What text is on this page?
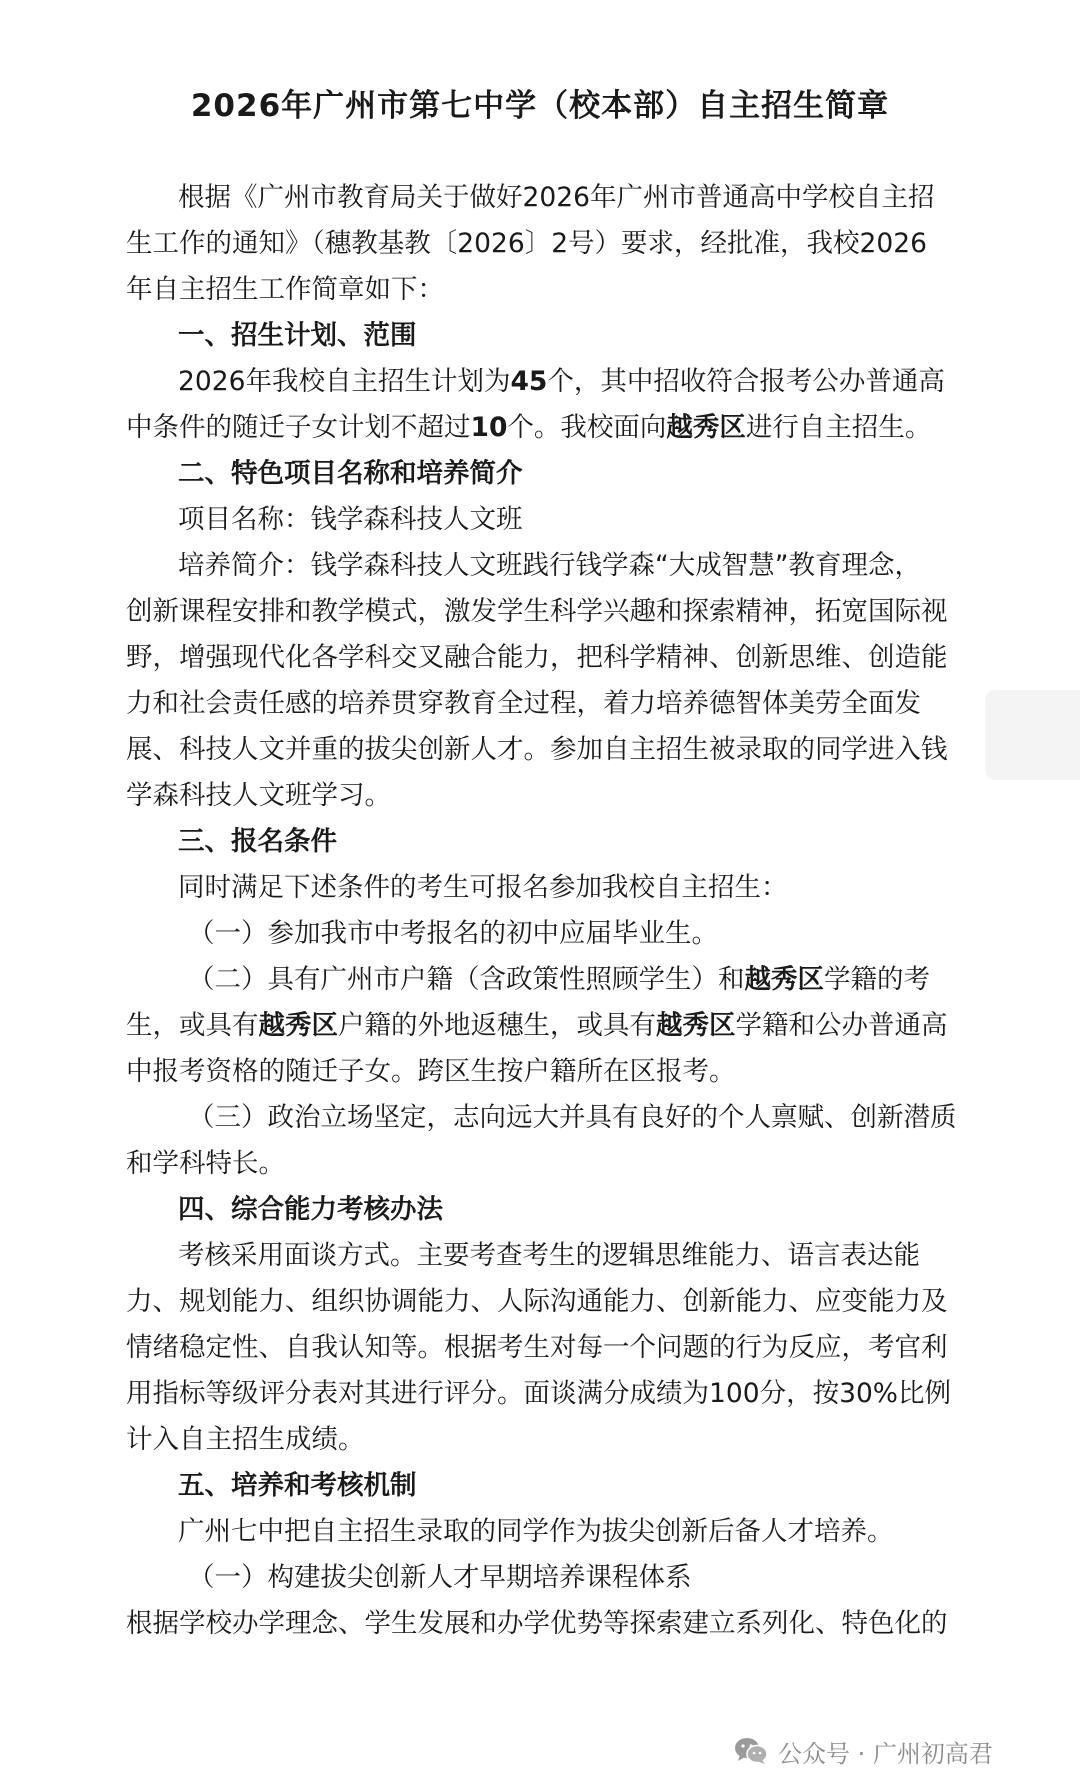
2026年广州市第七中学（校本部）自主招生简章
根据《广州市教育局关于做好2026年广州市普通高中学校自主招
生工作的通知》（穗教基教〔2026〕2号）要求，经批准，我校2026
年自主招生工作简章如下：
一、招生计划、范围
2026年我校自主招生计划为45个，其中招收符合报考公办普通高
中条件的随迁子女计划不超过10个。我校面向越秀区进行自主招生。
二、特色项目名称和培养简介
项目名称：钱学森科技人文班
培养简介：钱学森科技人文班践行钱学森“大成智慧”教育理念，
创新课程安排和教学模式，激发学生科学兴趣和探索精神，拓宽国际视
野，增强现代化各学科交叉融合能力，把科学精神、创新思维、创造能
力和社会责任感的培养贯穿教育全过程，着力培养德智体美劳全面发
展、科技人文并重的拔尖创新人才。参加自主招生被录取的同学进入钱
学森科技人文班学习。
三、报名条件
同时满足下述条件的考生可报名参加我校自主招生：
（一）参加我市中考报名的初中应届毕业生。
（二）具有广州市户籍（含政策性照顾学生）和越秀区学籍的考
生，或具有越秀区户籍的外地返穗生，或具有越秀区学籍和公办普通高
中报考资格的随迁子女。跨区生按户籍所在区报考。
（三）政治立场坚定，志向远大并具有良好的个人禀赋、创新潜质
和学科特长。
四、综合能力考核办法
考核采用面谈方式。主要考查考生的逻辑思维能力、语言表达能
力、规划能力、组织协调能力、人际沟通能力、创新能力、应变能力及
情绪稳定性、自我认知等。根据考生对每一个问题的行为反应，考官利
用指标等级评分表对其进行评分。面谈满分成绩为100分，按30%比例
计入自主招生成绩。
五、培养和考核机制
广州七中把自主招生录取的同学作为拔尖创新后备人才培养。
（一）构建拔尖创新人才早期培养课程体系
根据学校办学理念、学生发展和办学优势等探索建立系列化、特色化的
公众号 · 广州初高君
